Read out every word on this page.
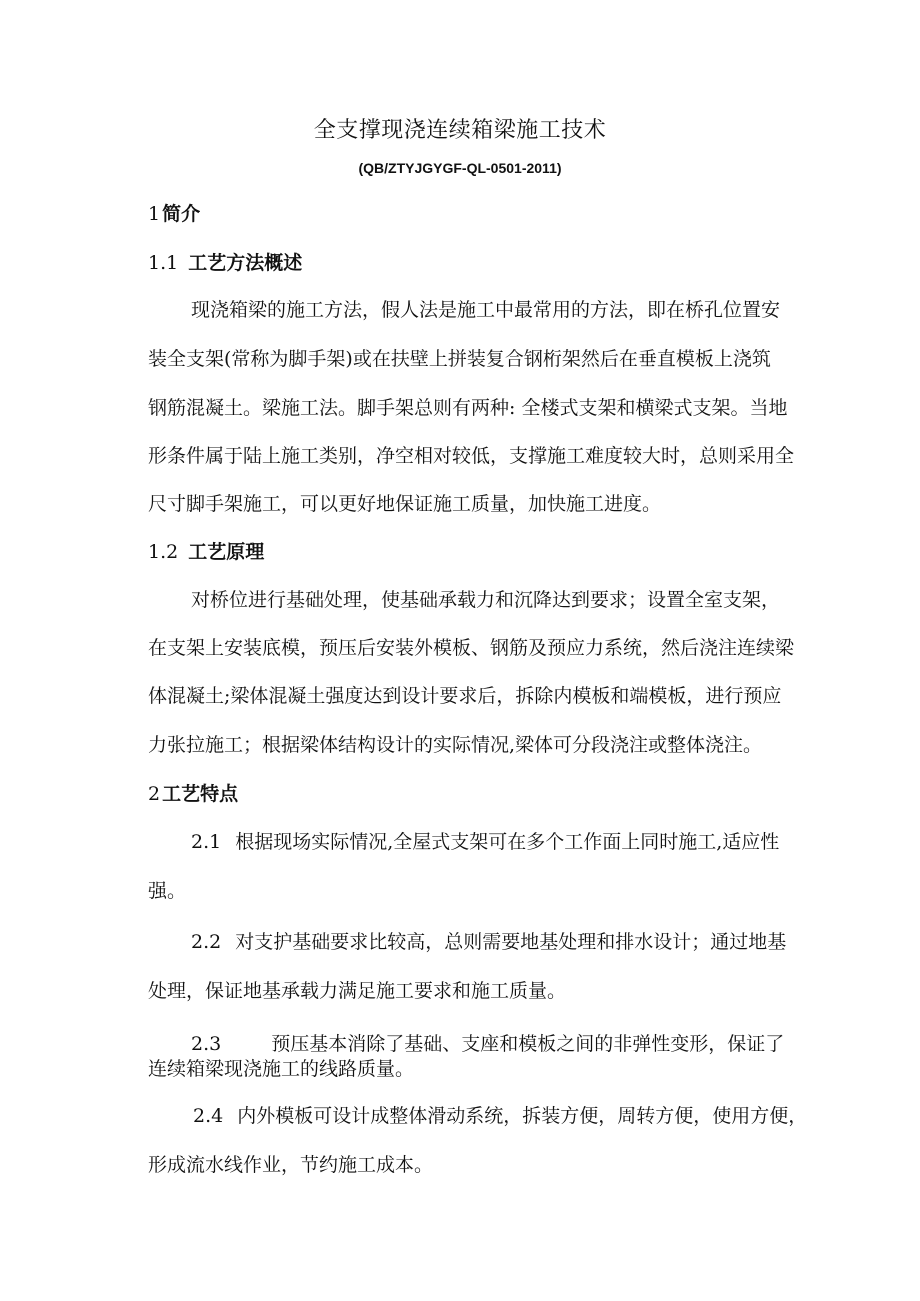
全支撑现浇连续箱梁施工技术
(QB/ZTYJGYGF-QL-0501-2011)
1 简介
1.1 工艺方法概述
现浇箱梁的施工方法，假人法是施工中最常用的方法，即在桥孔位置安
装全支架(常称为脚手架)或在扶壁上拼装复合钢桁架然后在垂直模板上浇筑
钢筋混凝土。梁施工法。脚手架总则有两种: 全楼式支架和横梁式支架。当地
形条件属于陆上施工类别，净空相对较低，支撑施工难度较大时，总则采用全
尺寸脚手架施工，可以更好地保证施工质量，加快施工进度。
1.2 工艺原理
对桥位进行基础处理，使基础承载力和沉降达到要求；设置全室支架，
在支架上安装底模，预压后安装外模板、钢筋及预应力系统，然后浇注连续梁
体混凝土;梁体混凝土强度达到设计要求后，拆除内模板和端模板，进行预应
力张拉施工；根据梁体结构设计的实际情况,梁体可分段浇注或整体浇注。
2 工艺特点
2.1 根据现场实际情况,全屋式支架可在多个工作面上同时施工,适应性
强。
2.2 对支护基础要求比较高，总则需要地基处理和排水设计；通过地基
处理，保证地基承载力满足施工要求和施工质量。
2.3	预压基本消除了基础、支座和模板之间的非弹性变形，保证了
连续箱梁现浇施工的线路质量。
2.4 内外模板可设计成整体滑动系统，拆装方便，周转方便，使用方便，
形成流水线作业，节约施工成本。
